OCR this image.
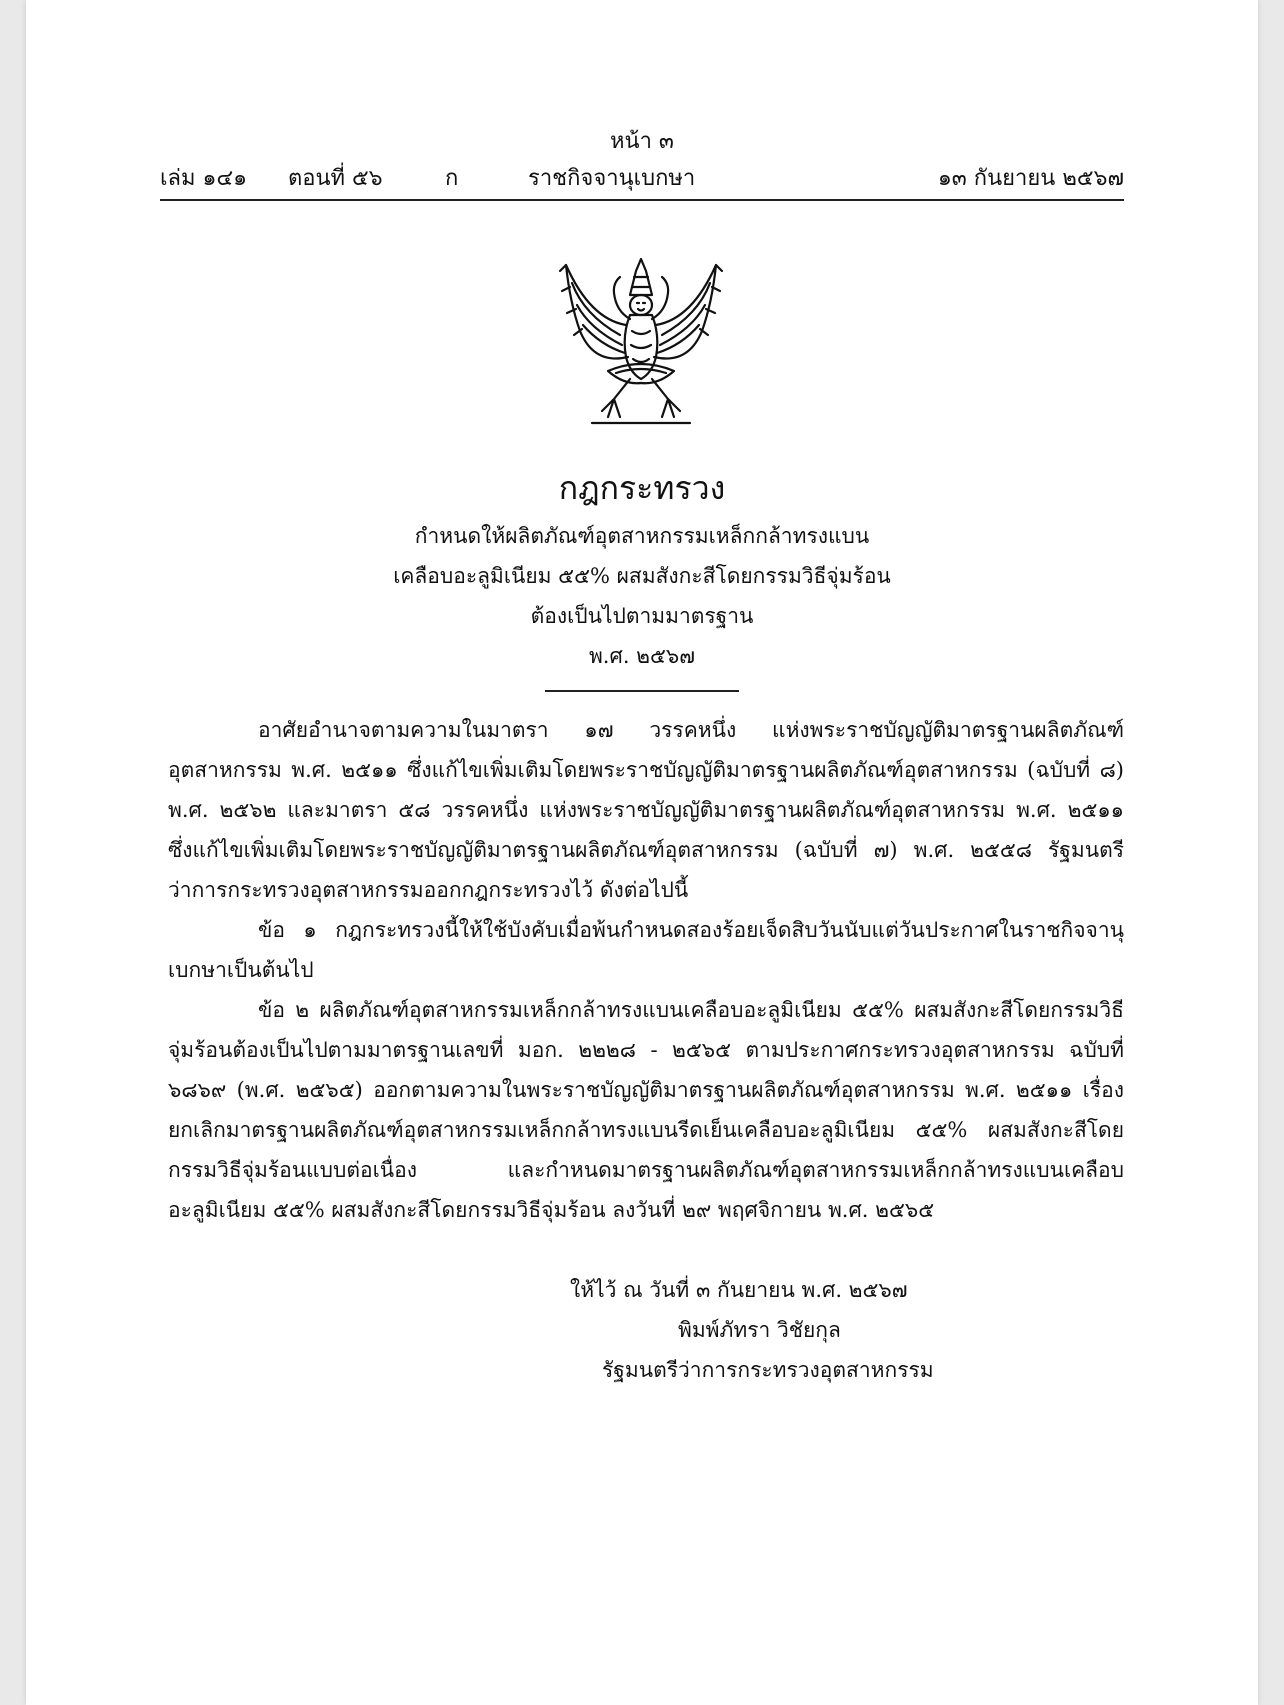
หน้า ๓
เล่ม ๑๔๑ ตอนที่ ๕๖	ก	ราชกิจจานุเบกษา	๑๓ กันยายน ๒๕๖๗
กฎกระทรวง
กำหนดให้ผลิตภัณฑ์อุตสาหกรรมเหล็กกล้าทรงแบน
เคลือบอะลูมิเนียม ๕๕% ผสมสังกะสีโดยกรรมวิธีจุ่มร้อน
ต้องเป็นไปตามมาตรฐาน
พ.ศ. ๒๕๖๗

อาศัยอำนาจตามความในมาตรา ๑๗ วรรคหนึ่ง แห่งพระราชบัญญัติมาตรฐานผลิตภัณฑ์อุตสาหกรรม พ.ศ. ๒๕๑๑ ซึ่งแก้ไขเพิ่มเติมโดยพระราชบัญญัติมาตรฐานผลิตภัณฑ์อุตสาหกรรม (ฉบับที่ ๘) พ.ศ. ๒๕๖๒ และมาตรา ๕๘ วรรคหนึ่ง แห่งพระราชบัญญัติมาตรฐานผลิตภัณฑ์อุตสาหกรรม พ.ศ. ๒๕๑๑ ซึ่งแก้ไขเพิ่มเติมโดยพระราชบัญญัติมาตรฐานผลิตภัณฑ์อุตสาหกรรม (ฉบับที่ ๗) พ.ศ. ๒๕๕๘ รัฐมนตรีว่าการกระทรวงอุตสาหกรรมออกกฎกระทรวงไว้ ดังต่อไปนี้

ข้อ ๑ กฎกระทรวงนี้ให้ใช้บังคับเมื่อพ้นกำหนดสองร้อยเจ็ดสิบวันนับแต่วันประกาศในราชกิจจานุเบกษาเป็นต้นไป

ข้อ ๒ ผลิตภัณฑ์อุตสาหกรรมเหล็กกล้าทรงแบนเคลือบอะลูมิเนียม ๕๕% ผสมสังกะสีโดยกรรมวิธีจุ่มร้อนต้องเป็นไปตามมาตรฐานเลขที่ มอก. ๒๒๒๘ - ๒๕๖๕ ตามประกาศกระทรวงอุตสาหกรรม ฉบับที่ ๖๘๖๙ (พ.ศ. ๒๕๖๕) ออกตามความในพระราชบัญญัติมาตรฐานผลิตภัณฑ์อุตสาหกรรม พ.ศ. ๒๕๑๑ เรื่อง ยกเลิกมาตรฐานผลิตภัณฑ์อุตสาหกรรมเหล็กกล้าทรงแบนรีดเย็นเคลือบอะลูมิเนียม ๕๕% ผสมสังกะสีโดยกรรมวิธีจุ่มร้อนแบบต่อเนื่อง และกำหนดมาตรฐานผลิตภัณฑ์อุตสาหกรรมเหล็กกล้าทรงแบนเคลือบอะลูมิเนียม ๕๕% ผสมสังกะสีโดยกรรมวิธีจุ่มร้อน ลงวันที่ ๒๙ พฤศจิกายน พ.ศ. ๒๕๖๕

ให้ไว้ ณ วันที่ ๓ กันยายน พ.ศ. ๒๕๖๗
พิมพ์ภัทรา วิชัยกุล
รัฐมนตรีว่าการกระทรวงอุตสาหกรรม
